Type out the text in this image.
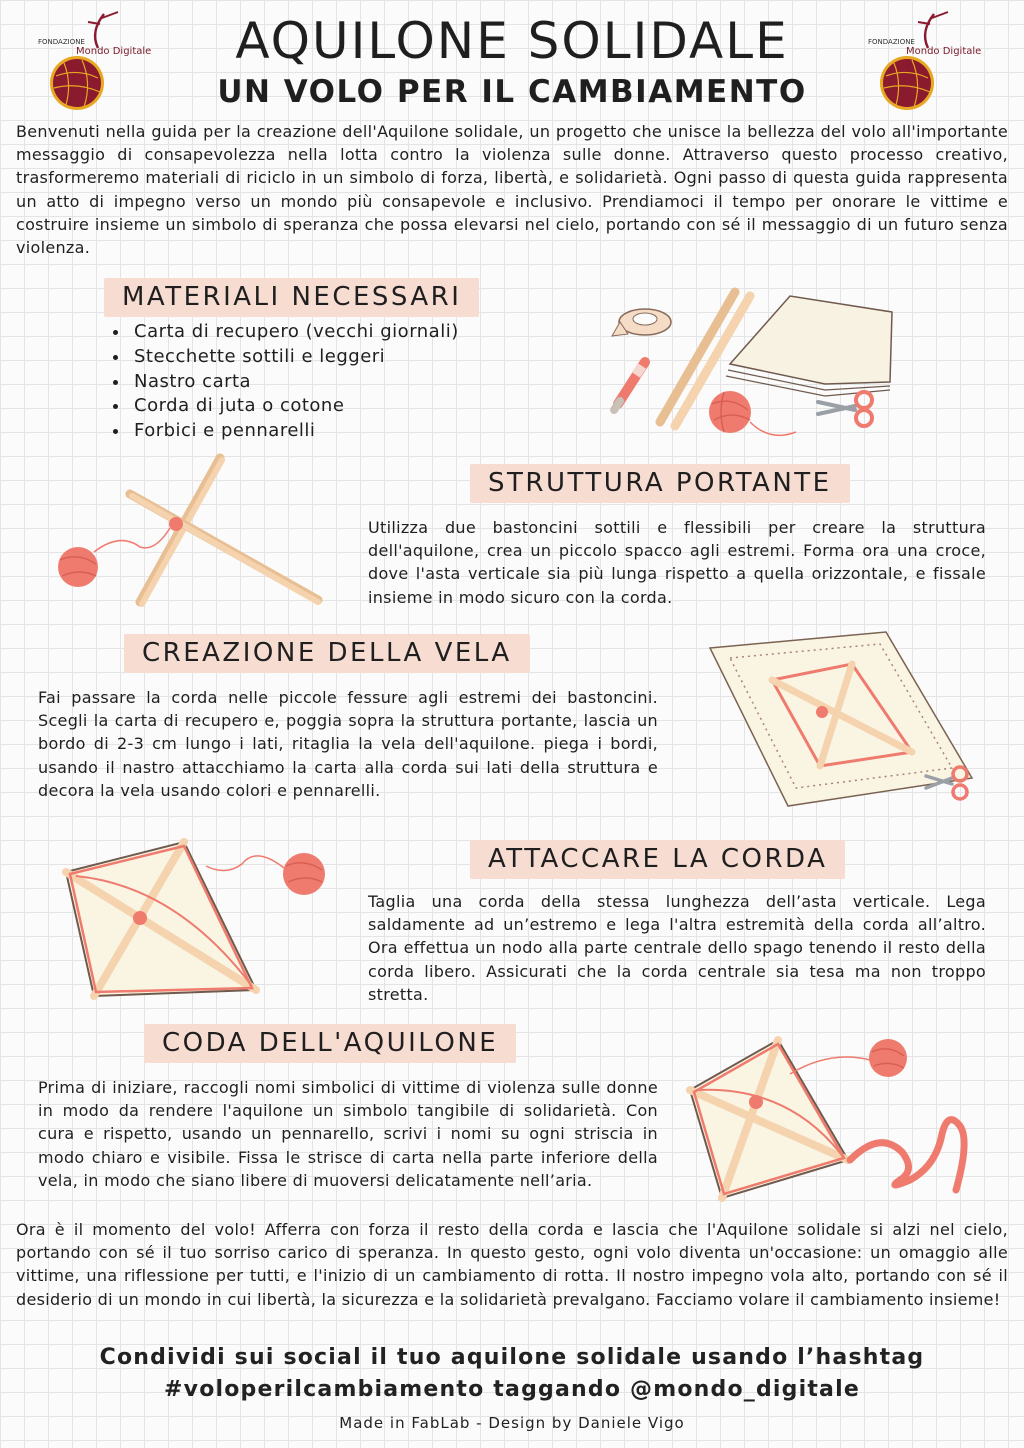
FONDAZIONE
Mondo Digitale
FONDAZIONE
Mondo Digitale
AQUILONE SOLIDALE
UN VOLO PER IL CAMBIAMENTO

Benvenuti nella guida per la creazione dell'Aquilone solidale, un progetto che unisce la bellezza del volo all'importante messaggio di consapevolezza nella lotta contro la violenza sulle donne. Attraverso questo processo creativo, trasformeremo materiali di riciclo in un simbolo di forza, libertà, e solidarietà. Ogni passo di questa guida rappresenta un atto di impegno verso un mondo più consapevole e inclusivo. Prendiamoci il tempo per onorare le vittime e costruire insieme un simbolo di speranza che possa elevarsi nel cielo, portando con sé il messaggio di un futuro senza violenza.

MATERIALI NECESSARI
• Carta di recupero (vecchi giornali)
• Stecchette sottili e leggeri
• Nastro carta
• Corda di juta o cotone
• Forbici e pennarelli
STRUTTURA PORTANTE

Utilizza due bastoncini sottili e flessibili per creare la struttura dell'aquilone, crea un piccolo spacco agli estremi. Forma ora una croce, dove l'asta verticale sia più lunga rispetto a quella orizzontale, e fissale insieme in modo sicuro con la corda.

CREAZIONE DELLA VELA

Fai passare la corda nelle piccole fessure agli estremi dei bastoncini. Scegli la carta di recupero e, poggia sopra la struttura portante, lascia un bordo di 2-3 cm lungo i lati, ritaglia la vela dell'aquilone. piega i bordi, usando il nastro attacchiamo la carta alla corda sui lati della struttura e decora la vela usando colori e pennarelli.

ATTACCARE LA CORDA

Taglia una corda della stessa lunghezza dell’asta verticale. Lega saldamente ad un’estremo e lega l'altra estremità della corda all’altro. Ora effettua un nodo alla parte centrale dello spago tenendo il resto della corda libero. Assicurati che la corda centrale sia tesa ma non troppo stretta.

CODA DELL'AQUILONE

Prima di iniziare, raccogli nomi simbolici di vittime di violenza sulle donne in modo da rendere l'aquilone un simbolo tangibile di solidarietà. Con cura e rispetto, usando un pennarello, scrivi i nomi su ogni striscia in modo chiaro e visibile. Fissa le strisce di carta nella parte inferiore della vela, in modo che siano libere di muoversi delicatamente nell’aria.

Ora è il momento del volo! Afferra con forza il resto della corda e lascia che l'Aquilone solidale si alzi nel cielo, portando con sé il tuo sorriso carico di speranza. In questo gesto, ogni volo diventa un'occasione: un omaggio alle vittime, una riflessione per tutti, e l'inizio di un cambiamento di rotta. Il nostro impegno vola alto, portando con sé il desiderio di un mondo in cui libertà, la sicurezza e la solidarietà prevalgano. Facciamo volare il cambiamento insieme!

Condividi sui social il tuo aquilone solidale usando l’hashtag
#voloperilcambiamento taggando @mondo_digitale
Made in FabLab - Design by Daniele Vigo
